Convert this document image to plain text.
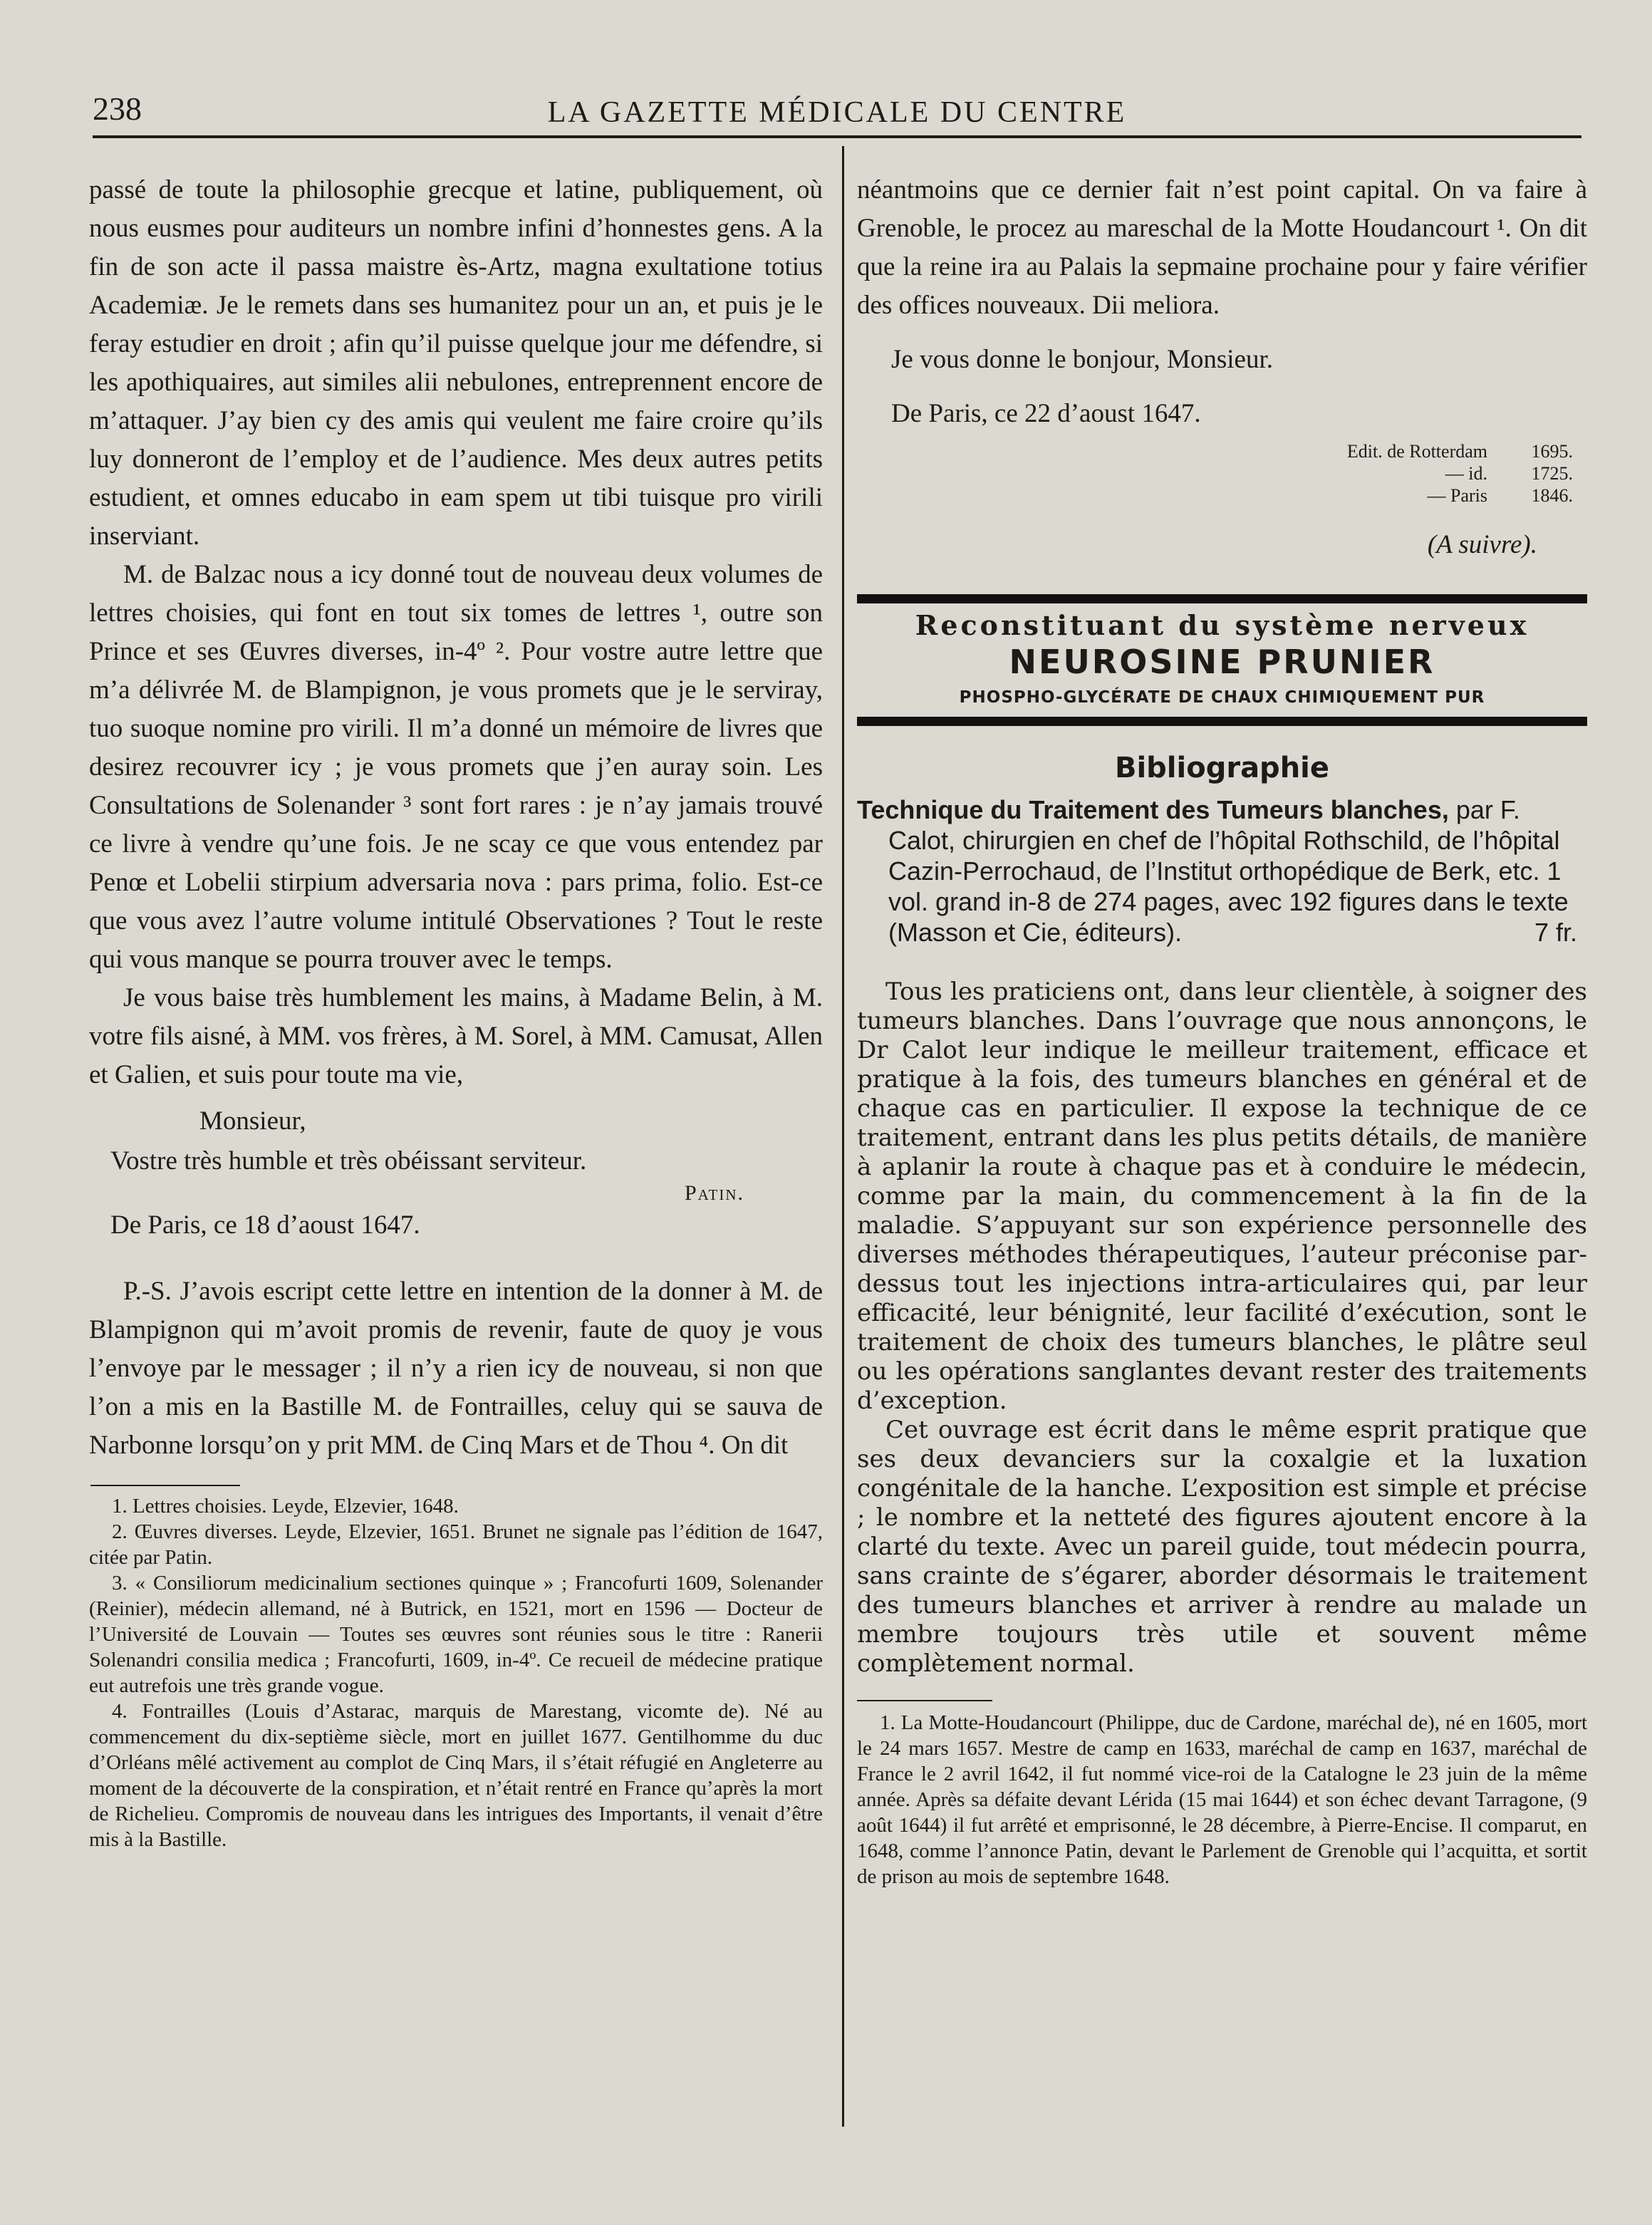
238	LA GAZETTE MÉDICALE DU CENTRE

passé de toute la philosophie grecque et latine, publiquement, où nous eusmes pour auditeurs un nombre infini d’honnestes gens. A la fin de son acte il passa maistre ès-Artz, magna exultatione totius Academiæ. Je le remets dans ses humanitez pour un an, et puis je le feray estudier en droit ; afin qu’il puisse quelque jour me défendre, si les apothiquaires, aut similes alii nebulones, entreprennent encore de m’attaquer. J’ay bien cy des amis qui veulent me faire croire qu’ils luy donneront de l’employ et de l’audience. Mes deux autres petits estudient, et omnes educabo in eam spem ut tibi tuisque pro virili inserviant.

M. de Balzac nous a icy donné tout de nouveau deux volumes de lettres choisies, qui font en tout six tomes de lettres ¹, outre son Prince et ses Œuvres diverses, in-4º ². Pour vostre autre lettre que m’a délivrée M. de Blampignon, je vous promets que je le serviray, tuo suoque nomine pro virili. Il m’a donné un mémoire de livres que desirez recouvrer icy ; je vous promets que j’en auray soin. Les Consultations de Solenander ³ sont fort rares : je n’ay jamais trouvé ce livre à vendre qu’une fois. Je ne scay ce que vous entendez par Penœ et Lobelii stirpium adversaria nova : pars prima, folio. Est-ce que vous avez l’autre volume intitulé Observationes ? Tout le reste qui vous manque se pourra trouver avec le temps.

Je vous baise très humblement les mains, à Madame Belin, à M. votre fils aisné, à MM. vos frères, à M. Sorel, à MM. Camusat, Allen et Galien, et suis pour toute ma vie,

Monsieur,

Vostre très humble et très obéissant serviteur.

Patin.

De Paris, ce 18 d’aoust 1647.

P.-S. J’avois escript cette lettre en intention de la donner à M. de Blampignon qui m’avoit promis de revenir, faute de quoy je vous l’envoye par le messager ; il n’y a rien icy de nouveau, si non que l’on a mis en la Bastille M. de Fontrailles, celuy qui se sauva de Narbonne lorsqu’on y prit MM. de Cinq Mars et de Thou ⁴. On dit

1. Lettres choisies. Leyde, Elzevier, 1648.

2. Œuvres diverses. Leyde, Elzevier, 1651. Brunet ne signale pas l’édition de 1647, citée par Patin.

3. « Consiliorum medicinalium sectiones quinque » ; Francofurti 1609, Solenander (Reinier), médecin allemand, né à Butrick, en 1521, mort en 1596 — Docteur de l’Université de Louvain — Toutes ses œuvres sont réunies sous le titre : Ranerii Solenandri consilia medica ; Francofurti, 1609, in-4º. Ce recueil de médecine pratique eut autrefois une très grande vogue.

4. Fontrailles (Louis d’Astarac, marquis de Marestang, vicomte de). Né au commencement du dix-septième siècle, mort en juillet 1677. Gentilhomme du duc d’Orléans mêlé activement au complot de Cinq Mars, il s’était réfugié en Angleterre au moment de la découverte de la conspiration, et n’était rentré en France qu’après la mort de Richelieu. Compromis de nouveau dans les intrigues des Importants, il venait d’être mis à la Bastille.

néantmoins que ce dernier fait n’est point capital. On va faire à Grenoble, le procez au mareschal de la Motte Houdancourt ¹. On dit que la reine ira au Palais la sepmaine prochaine pour y faire vérifier des offices nouveaux. Dii meliora.

Je vous donne le bonjour, Monsieur.

De Paris, ce 22 d’aoust 1647.

Edit. de Rotterdam	1695.
— id.	1725.
— Paris	1846.
(A suivre).
Reconstituant du système nerveux
NEUROSINE PRUNIER
PHOSPHO-GLYCÉRATE DE CHAUX CHIMIQUEMENT PUR
Bibliographie

Technique du Traitement des Tumeurs blanches, par F. Calot, chirurgien en chef de l’hôpital Rothschild, de l’hôpital Cazin-Perrochaud, de l’Institut orthopédique de Berk, etc. 1 vol. grand in-8 de 274 pages, avec 192 figures dans le texte (Masson et Cie, éditeurs).	7 fr.

Tous les praticiens ont, dans leur clientèle, à soigner des tumeurs blanches. Dans l’ouvrage que nous annonçons, le Dr Calot leur indique le meilleur traitement, efficace et pratique à la fois, des tumeurs blanches en général et de chaque cas en particulier. Il expose la technique de ce traitement, entrant dans les plus petits détails, de manière à aplanir la route à chaque pas et à conduire le médecin, comme par la main, du commencement à la fin de la maladie. S’appuyant sur son expérience personnelle des diverses méthodes thérapeutiques, l’auteur préconise par-dessus tout les injections intra-articulaires qui, par leur efficacité, leur bénignité, leur facilité d’exécution, sont le traitement de choix des tumeurs blanches, le plâtre seul ou les opérations sanglantes devant rester des traitements d’exception.

Cet ouvrage est écrit dans le même esprit pratique que ses deux devanciers sur la coxalgie et la luxation congénitale de la hanche. L’exposition est simple et précise ; le nombre et la netteté des figures ajoutent encore à la clarté du texte. Avec un pareil guide, tout médecin pourra, sans crainte de s’égarer, aborder désormais le traitement des tumeurs blanches et arriver à rendre au malade un membre toujours très utile et souvent même complètement normal.

1. La Motte-Houdancourt (Philippe, duc de Cardone, maréchal de), né en 1605, mort le 24 mars 1657. Mestre de camp en 1633, maréchal de camp en 1637, maréchal de France le 2 avril 1642, il fut nommé vice-roi de la Catalogne le 23 juin de la même année. Après sa défaite devant Lérida (15 mai 1644) et son échec devant Tarragone, (9 août 1644) il fut arrêté et emprisonné, le 28 décembre, à Pierre-Encise. Il comparut, en 1648, comme l’annonce Patin, devant le Parlement de Grenoble qui l’acquitta, et sortit de prison au mois de septembre 1648.
